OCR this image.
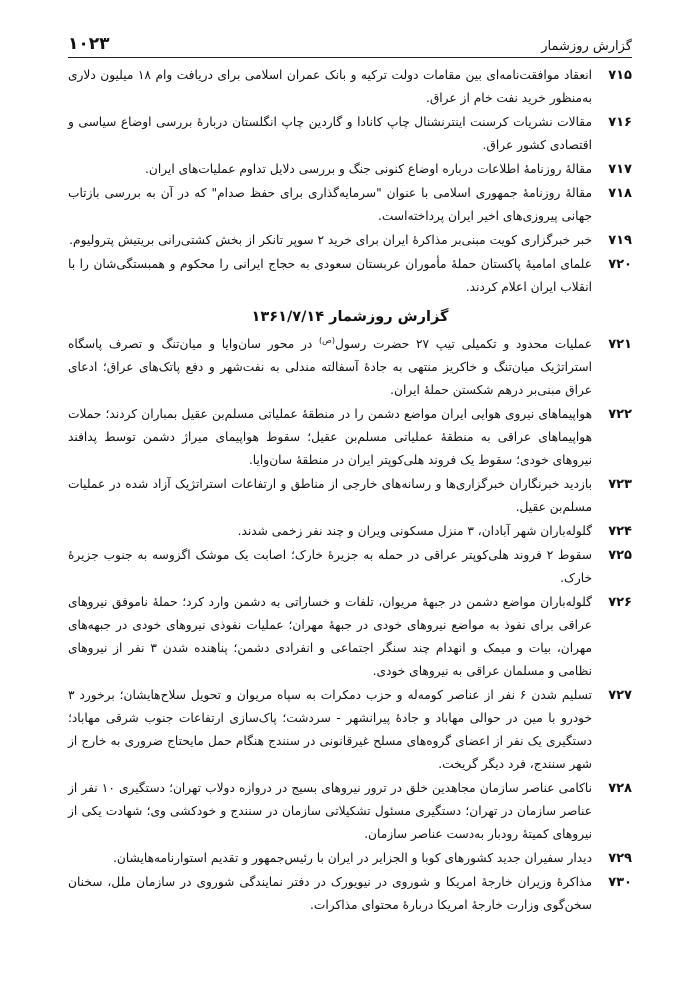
گزارش روزشمار
۱۰۲۳
۷۱۵
انعقاد موافقت‌نامه‌ای بین مقامات دولت ترکیه و بانک عمران اسلامی برای دریافت وام ۱۸ میلیون دلاری به‌منظور خرید نفت خام از عراق.
۷۱۶
مقالات نشریات کرسنت اینترنشنال چاپ کانادا و گاردین چاپ انگلستان دربارهٔ بررسی اوضاع سیاسی و اقتصادی کشور عراق.
۷۱۷
مقالهٔ روزنامهٔ اطلاعات درباره اوضاع کنونی جنگ و بررسی دلایل تداوم عملیات‌های ایران.
۷۱۸
مقالهٔ روزنامهٔ جمهوری اسلامی با عنوان "سرمایه‌گذاری برای حفظ صدام" که در آن به بررسی بازتاب جهانی پیروزی‌های اخیر ایران پرداخته‌است.
۷۱۹
خبر خبرگزاری کویت مبنی‌بر مذاکرهٔ ایران برای خرید ۲ سوپر تانکر از بخش کشتی‌رانی بریتیش پترولیوم.
۷۲۰
علمای امامیهٔ پاکستان حملهٔ مأموران عربستان سعودی به حجاج ایرانی را محکوم و همبستگی‌شان را با انقلاب ایران اعلام کردند.
گزارش روزشمار ۱۳۶۱/۷/۱۴
۷۲۱
عملیات محدود و تکمیلی تیپ ۲۷ حضرت رسول$^{(ص)}$ در محور سان‌وایا و میان‌تنگ و تصرف پاسگاه استراتژیک میان‌تنگ و خاکریز منتهی به جادهٔ آسفالته مندلی به نفت‌شهر و دفع پاتک‌های عراق؛ ادعای عراق مبنی‌بر درهم شکستن حملهٔ ایران.
۷۲۲
هواپیماهای نیروی هوایی ایران مواضع دشمن را در منطقهٔ عملیاتی مسلم‌بن عقیل بمباران کردند؛ حملات هواپیماهای عراقی به منطقهٔ عملیاتی مسلم‌بن عقیل؛ سقوط هواپیمای میراژ دشمن توسط پدافند نیروهای خودی؛ سقوط یک فروند هلی‌کوپتر ایران در منطقهٔ سان‌وایا.
۷۲۳
بازدید خبرنگاران خبرگزاری‌ها و رسانه‌های خارجی از مناطق و ارتفاعات استراتژیک آزاد شده در عملیات مسلم‌بن عقیل.
۷۲۴
گلوله‌باران شهر آبادان، ۳ منزل مسکونی ویران و چند نفر زخمی شدند.
۷۲۵
سقوط ۲ فروند هلی‌کوپتر عراقی در حمله به جزیرهٔ خارک؛ اصابت یک موشک اگزوسه به جنوب جزیرهٔ خارک.
۷۲۶
گلوله‌باران مواضع دشمن در جبههٔ مریوان، تلفات و خساراتی به دشمن وارد کرد؛ حملهٔ ناموفق نیروهای عراقی برای نفوذ به مواضع نیروهای خودی در جبههٔ مهران؛ عملیات نفوذی نیروهای خودی در جبهه‌های مهران، بیات و میمک و انهدام چند سنگر اجتماعی و انفرادی دشمن؛ پناهنده شدن ۳ نفر از نیروهای نظامی و مسلمان عراقی به نیروهای خودی.
۷۲۷
تسلیم شدن ۶ نفر از عناصر کومه‌له و حزب دمکرات به سپاه مریوان و تحویل سلاح‌هایشان؛ برخورد ۳ خودرو با مین در حوالی مهاباد و جادهٔ پیرانشهر - سردشت؛ پاک‌سازی ارتفاعات جنوب شرقی مهاباد؛ دستگیری یک نفر از اعضای گروه‌های مسلح غیرقانونی در سنندج هنگام حمل مایحتاج ضروری به خارج از شهر سنندج، فرد دیگر گریخت.
۷۲۸
ناکامی عناصر سازمان مجاهدین خلق در ترور نیروهای بسیج در دروازه دولاب تهران؛ دستگیری ۱۰ نفر از عناصر سازمان در تهران؛ دستگیری مسئول تشکیلاتی سازمان در سنندج و خودکشی وی؛ شهادت یکی از نیروهای کمیتهٔ رودبار به‌دست عناصر سازمان.
۷۲۹
دیدار سفیران جدید کشورهای کوبا و الجزایر در ایران با رئیس‌جمهور و تقدیم استوارنامه‌هایشان.
۷۳۰
مذاکرهٔ وزیران خارجهٔ امریکا و شوروی در نیویورک در دفتر نمایندگی شوروی در سازمان ملل، سخنان سخن‌گوی وزارت خارجهٔ امریکا دربارهٔ محتوای مذاکرات.
